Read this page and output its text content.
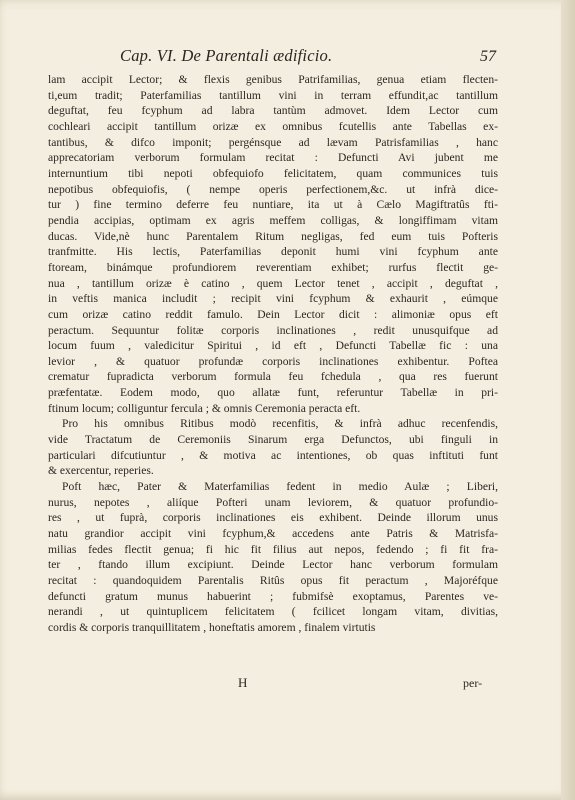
Cap. VI. De Parentali ædificio.	57
lam accipit Lector; & flexis genibus Patrifamilias, genua etiam flecten-
ti,eum tradit; Paterfamilias tantillum vini in terram effundit,ac tantillum
deguftat, feu fcyphum ad labra tantùm admovet. Idem Lector cum
cochleari accipit tantillum orizæ ex omnibus fcutellis ante Tabellas ex-
tantibus, & difco imponit; pergénsque ad lævam Patrisfamilias , hanc
apprecatoriam verborum formulam recitat : Defuncti Avi jubent me
internuntium tibi nepoti obfequiofo felicitatem, quam communices tuis
nepotibus obfequiofis, ( nempe operis perfectionem,&c. ut infrà dice-
tur ) fine termino deferre feu nuntiare, ita ut à Cælo Magiftratûs fti-
pendia accipias, optimam ex agris meffem colligas, & longiffimam vitam
ducas. Vide,nè hunc Parentalem Ritum negligas, fed eum tuis Pofteris
tranfmitte. His lectis, Paterfamilias deponit humi vini fcyphum ante
ftoream, binámque profundiorem reverentiam exhibet; rurfus flectit ge-
nua , tantillum orizæ è catino , quem Lector tenet , accipit , deguftat ,
in veftis manica includit ; recipit vini fcyphum & exhaurit , eúmque
cum orizæ catino reddit famulo. Dein Lector dicit : alimoniæ opus eft
peractum. Sequuntur folitæ corporis inclinationes , redit unusquifque ad
locum fuum , valedicitur Spiritui , id eft , Defuncti Tabellæ fic : una
levior , & quatuor profundæ corporis inclinationes exhibentur. Poftea
crematur fupradicta verborum formula feu fchedula , qua res fuerunt
præfentatæ. Eodem modo, quo allatæ funt, referuntur Tabellæ in pri-
ftinum locum; colliguntur fercula ; & omnis Ceremonia peracta eft.
Pro his omnibus Ritibus modò recenfitis, & infrà adhuc recenfendis,
vide Tractatum de Ceremoniis Sinarum erga Defunctos, ubi finguli in
particulari difcutiuntur , & motiva ac intentiones, ob quas inftituti funt
& exercentur, reperies.
Poft hæc, Pater & Materfamilias fedent in medio Aulæ ; Liberi,
nurus, nepotes , aliíque Pofteri unam leviorem, & quatuor profundio-
res , ut fuprà, corporis inclinationes eis exhibent. Deinde illorum unus
natu grandior accipit vini fcyphum,& accedens ante Patris & Matrisfa-
milias fedes flectit genua; fi hic fit filius aut nepos, fedendo ; fi fit fra-
ter , ftando illum excipiunt. Deinde Lector hanc verborum formulam
recitat : quandoquidem Parentalis Ritûs opus fit peractum , Majoréfque
defuncti gratum munus habuerint ; fubmifsè exoptamus, Parentes ve-
nerandi , ut quintuplicem felicitatem ( fcilicet longam vitam, divitias,
cordis & corporis tranquillitatem , honeftatis amorem , finalem virtutis
H	per-
